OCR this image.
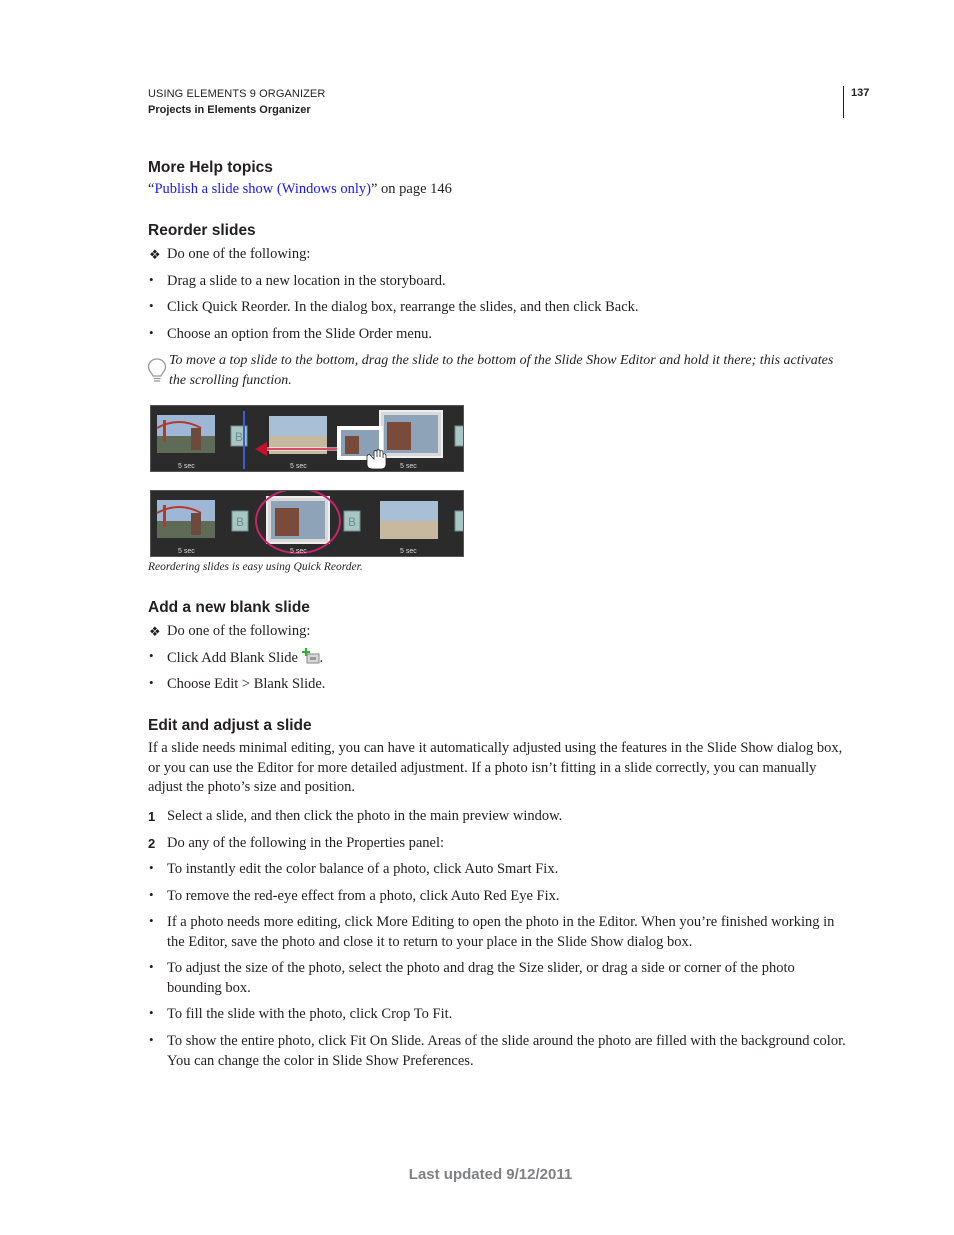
USING ELEMENTS 9 ORGANIZER
Projects in Elements Organizer
137
More Help topics
“Publish a slide show (Windows only)” on page 146
Reorder slides
❖ Do one of the following:
• Drag a slide to a new location in the storyboard.
• Click Quick Reorder. In the dialog box, rearrange the slides, and then click Back.
• Choose an option from the Slide Order menu.
To move a top slide to the bottom, drag the slide to the bottom of the Slide Show Editor and hold it there; this activates the scrolling function.
B
5 sec	5 sec	5 sec
B	B
5 sec	5 sec	5 sec
Reordering slides is easy using Quick Reorder.
Add a new blank slide
❖ Do one of the following:
• Click Add Blank Slide .
• Choose Edit > Blank Slide.
Edit and adjust a slide
If a slide needs minimal editing, you can have it automatically adjusted using the features in the Slide Show dialog box, or you can use the Editor for more detailed adjustment. If a photo isn’t fitting in a slide correctly, you can manually adjust the photo’s size and position.
1 Select a slide, and then click the photo in the main preview window.
2 Do any of the following in the Properties panel:
• To instantly edit the color balance of a photo, click Auto Smart Fix.
• To remove the red-eye effect from a photo, click Auto Red Eye Fix.
• If a photo needs more editing, click More Editing to open the photo in the Editor. When you’re finished working in the Editor, save the photo and close it to return to your place in the Slide Show dialog box.
• To adjust the size of the photo, select the photo and drag the Size slider, or drag a side or corner of the photo bounding box.
• To fill the slide with the photo, click Crop To Fit.
• To show the entire photo, click Fit On Slide. Areas of the slide around the photo are filled with the background color. You can change the color in Slide Show Preferences.
Last updated 9/12/2011
